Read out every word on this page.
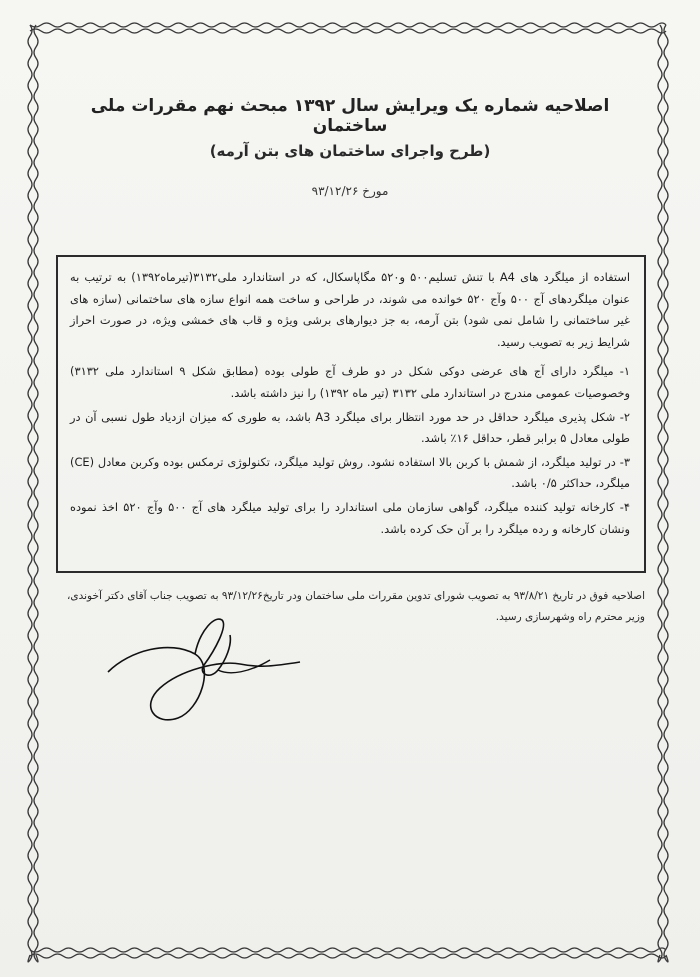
اصلاحیه شماره یک ویرایش سال ۱۳۹۲ مبحث نهم مقررات ملی ساختمان
(طرح واجرای ساختمان های بتن آرمه)
مورخ ۹۳/۱۲/۲۶

استفاده از میلگرد های A4 با تنش تسلیم۵۰۰ و۵۲۰ مگاپاسکال، که در استاندارد ملی۳۱۳۲(تیرماه۱۳۹۲) به ترتیب به عنوان میلگردهای آج ۵۰۰ وآج ۵۲۰ خوانده می شوند، در طراحی و ساخت همه انواع سازه های ساختمانی (سازه های غیر ساختمانی را شامل نمی شود) بتن آرمه، به جز دیوارهای برشی ویژه و قاب های خمشی ویژه، در صورت احراز شرایط زیر به تصویب رسید.

۱- میلگرد دارای آج های عرضی دوکی شکل در دو طرف آج طولی بوده (مطابق شکل ۹ استاندارد ملی ۳۱۳۲) وخصوصیات عمومی مندرج در استاندارد ملی ۳۱۳۲ (تیر ماه ۱۳۹۲) را نیز داشته باشد.

۲- شکل پذیری میلگرد حداقل در حد مورد انتظار برای میلگرد A3 باشد، به طوری که میزان ازدیاد طول نسبی آن در طولی معادل ۵ برابر قطر، حداقل ۱۶٪ باشد.

۳- در تولید میلگرد، از شمش با کربن بالا استفاده نشود. روش تولید میلگرد، تکنولوژی ترمکس بوده وکربن معادل (CE) میلگرد، حداکثر ۰/۵ باشد.

۴- کارخانه تولید کننده میلگرد، گواهی سازمان ملی استاندارد را برای تولید میلگرد های آج ۵۰۰ وآج ۵۲۰ اخذ نموده ونشان کارخانه و رده میلگرد را بر آن حک کرده باشد.

اصلاحیه فوق در تاریخ ۹۳/۸/۲۱ به تصویب شورای تدوین مقررات ملی ساختمان ودر تاریخ۹۳/۱۲/۲۶ به تصویب جناب آقای دکتر آخوندی،
وزیر محترم راه وشهرسازی رسید.
